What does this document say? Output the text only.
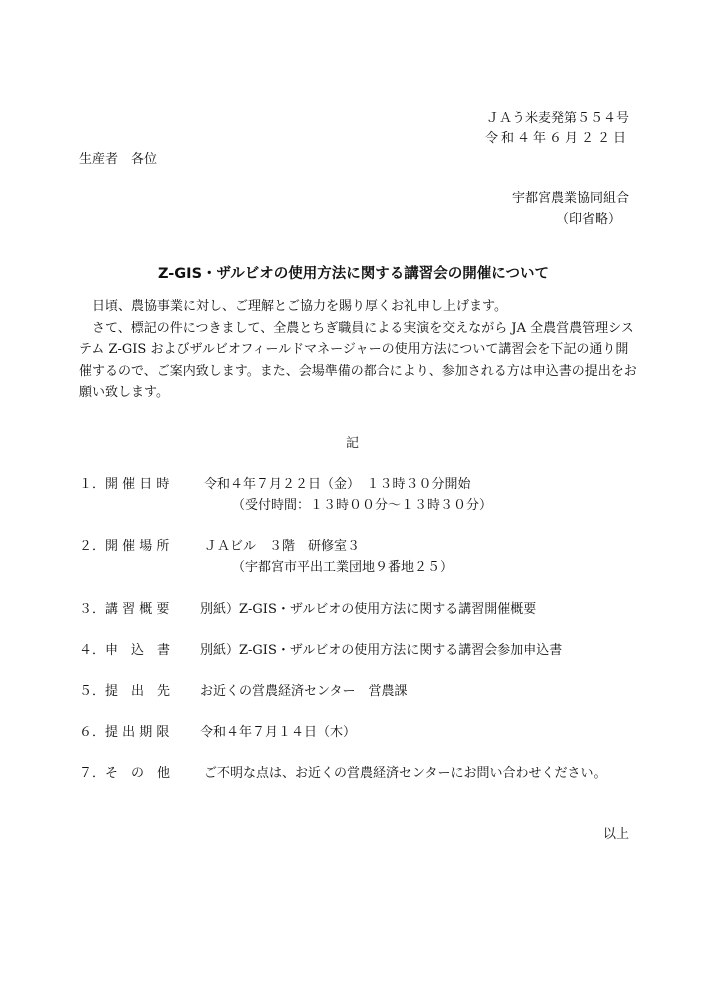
ＪＡう米麦発第５５４号
令和４年６月２２日
生産者　各位
宇都宮農業協同組合
（印省略）
Z-GIS・ザルビオの使用方法に関する講習会の開催について

日頃、農協事業に対し、ご理解とご協力を賜り厚くお礼申し上げます。

さて、標記の件につきまして、全農とちぎ職員による実演を交えながら JA 全農営農管理システム Z-GIS およびザルビオフィールドマネージャーの使用方法について講習会を下記の通り開催するので、ご案内致します。また、会場準備の都合により、参加される方は申込書の提出をお願い致します。

記
１．開 催 日 時	令和４年７月２２日（金）　１３時３０分開始
（受付時間：１３時００分～１３時３０分）
２．開 催 場 所	ＪＡビル　３階　研修室３
（宇都宮市平出工業団地９番地２５）
３．講 習 概 要 別紙）Z-GIS・ザルビオの使用方法に関する講習開催概要
４．申　込　書 別紙）Z-GIS・ザルビオの使用方法に関する講習会参加申込書
５．提　出　先 お近くの営農経済センター　営農課
６．提 出 期 限 令和４年７月１４日（木）
７．そ　の　他	ご不明な点は、お近くの営農経済センターにお問い合わせください。
以上
